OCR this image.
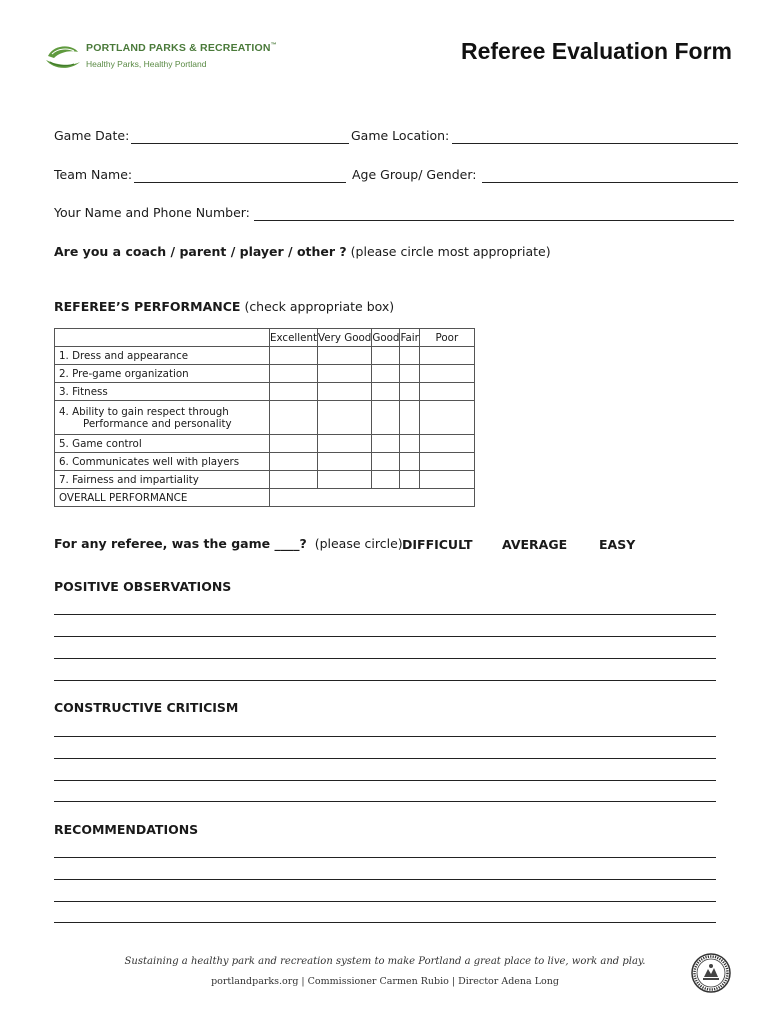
PORTLAND PARKS & RECREATION™
Healthy Parks, Healthy Portland	Referee Evaluation Form
Game Date:	Game Location:
Team Name:	Age Group/ Gender:
Your Name and Phone Number:
Are you a coach / parent / player / other ? (please circle most appropriate)
REFEREE’S PERFORMANCE (check appropriate box)
	Excellent	Very Good	Good	Fair	Poor
1. Dress and appearance					
2. Pre-game organization					
3. Fitness					
4. Ability to gain respect through
Performance and personality					

5. Game control					
6. Communicates well with players					
7. Fairness and impartiality					
OVERALL PERFORMANCE					
For any referee, was the game ____? (please circle) DIFFICULT AVERAGE	EASY
POSITIVE OBSERVATIONS
CONSTRUCTIVE CRITICISM
RECOMMENDATIONS
Sustaining a healthy park and recreation system to make Portland a great place to live, work and play.
portlandparks.org | Commissioner Carmen Rubio | Director Adena Long
